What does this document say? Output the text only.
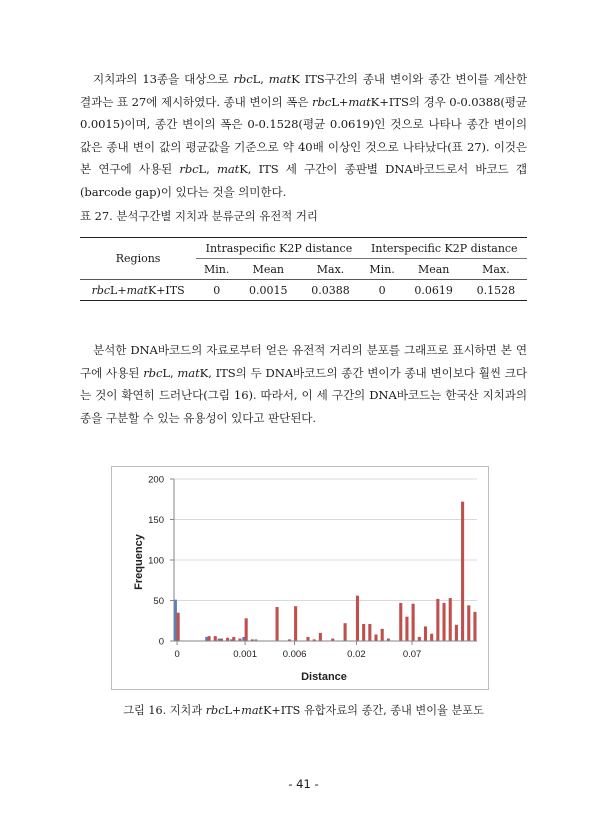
지치과의 13종을 대상으로 rbcL, matK ITS구간의 종내 변이와 종간 변이를 계산한 결과는 표 27에 제시하였다. 종내 변이의 폭은 rbcL+matK+ITS의 경우 0-0.0388(평균 0.0015)이며, 종간 변이의 폭은 0-0.1528(평균 0.0619)인 것으로 나타나 종간 변이의 값은 종내 변이 값의 평균값을 기준으로 약 40배 이상인 것으로 나타났다(표 27). 이것은 본 연구에 사용된 rbcL, matK, ITS 세 구간이 종판별 DNA바코드로서 바코드 갭(barcode gap)이 있다는 것을 의미한다.

표 27. 분석구간별 지치과 분류군의 유전적 거리
Regions	Intraspecific K2P distance			Interspecific K2P distance		
	Min.	Mean	Max.	Min.	Mean	Max.
rbcL+matK+ITS	0	0.0015	0.0388	0	0.0619	0.1528

분석한 DNA바코드의 자료로부터 얻은 유전적 거리의 분포를 그래프로 표시하면 본 연구에 사용된 rbcL, matK, ITS의 두 DNA바코드의 종간 변이가 종내 변이보다 훨씬 크다는 것이 확연히 드러난다(그림 16). 따라서, 이 세 구간의 DNA바코드는 한국산 지치과의 종을 구분할 수 있는 유용성이 있다고 판단된다.

0
50
100
150
200
0	0.001	0.006	0.02	0.07
Frequency
Distance
그림 16. 지치과 rbcL+matK+ITS 유합자료의 종간, 종내 변이율 분포도
- 41 -
